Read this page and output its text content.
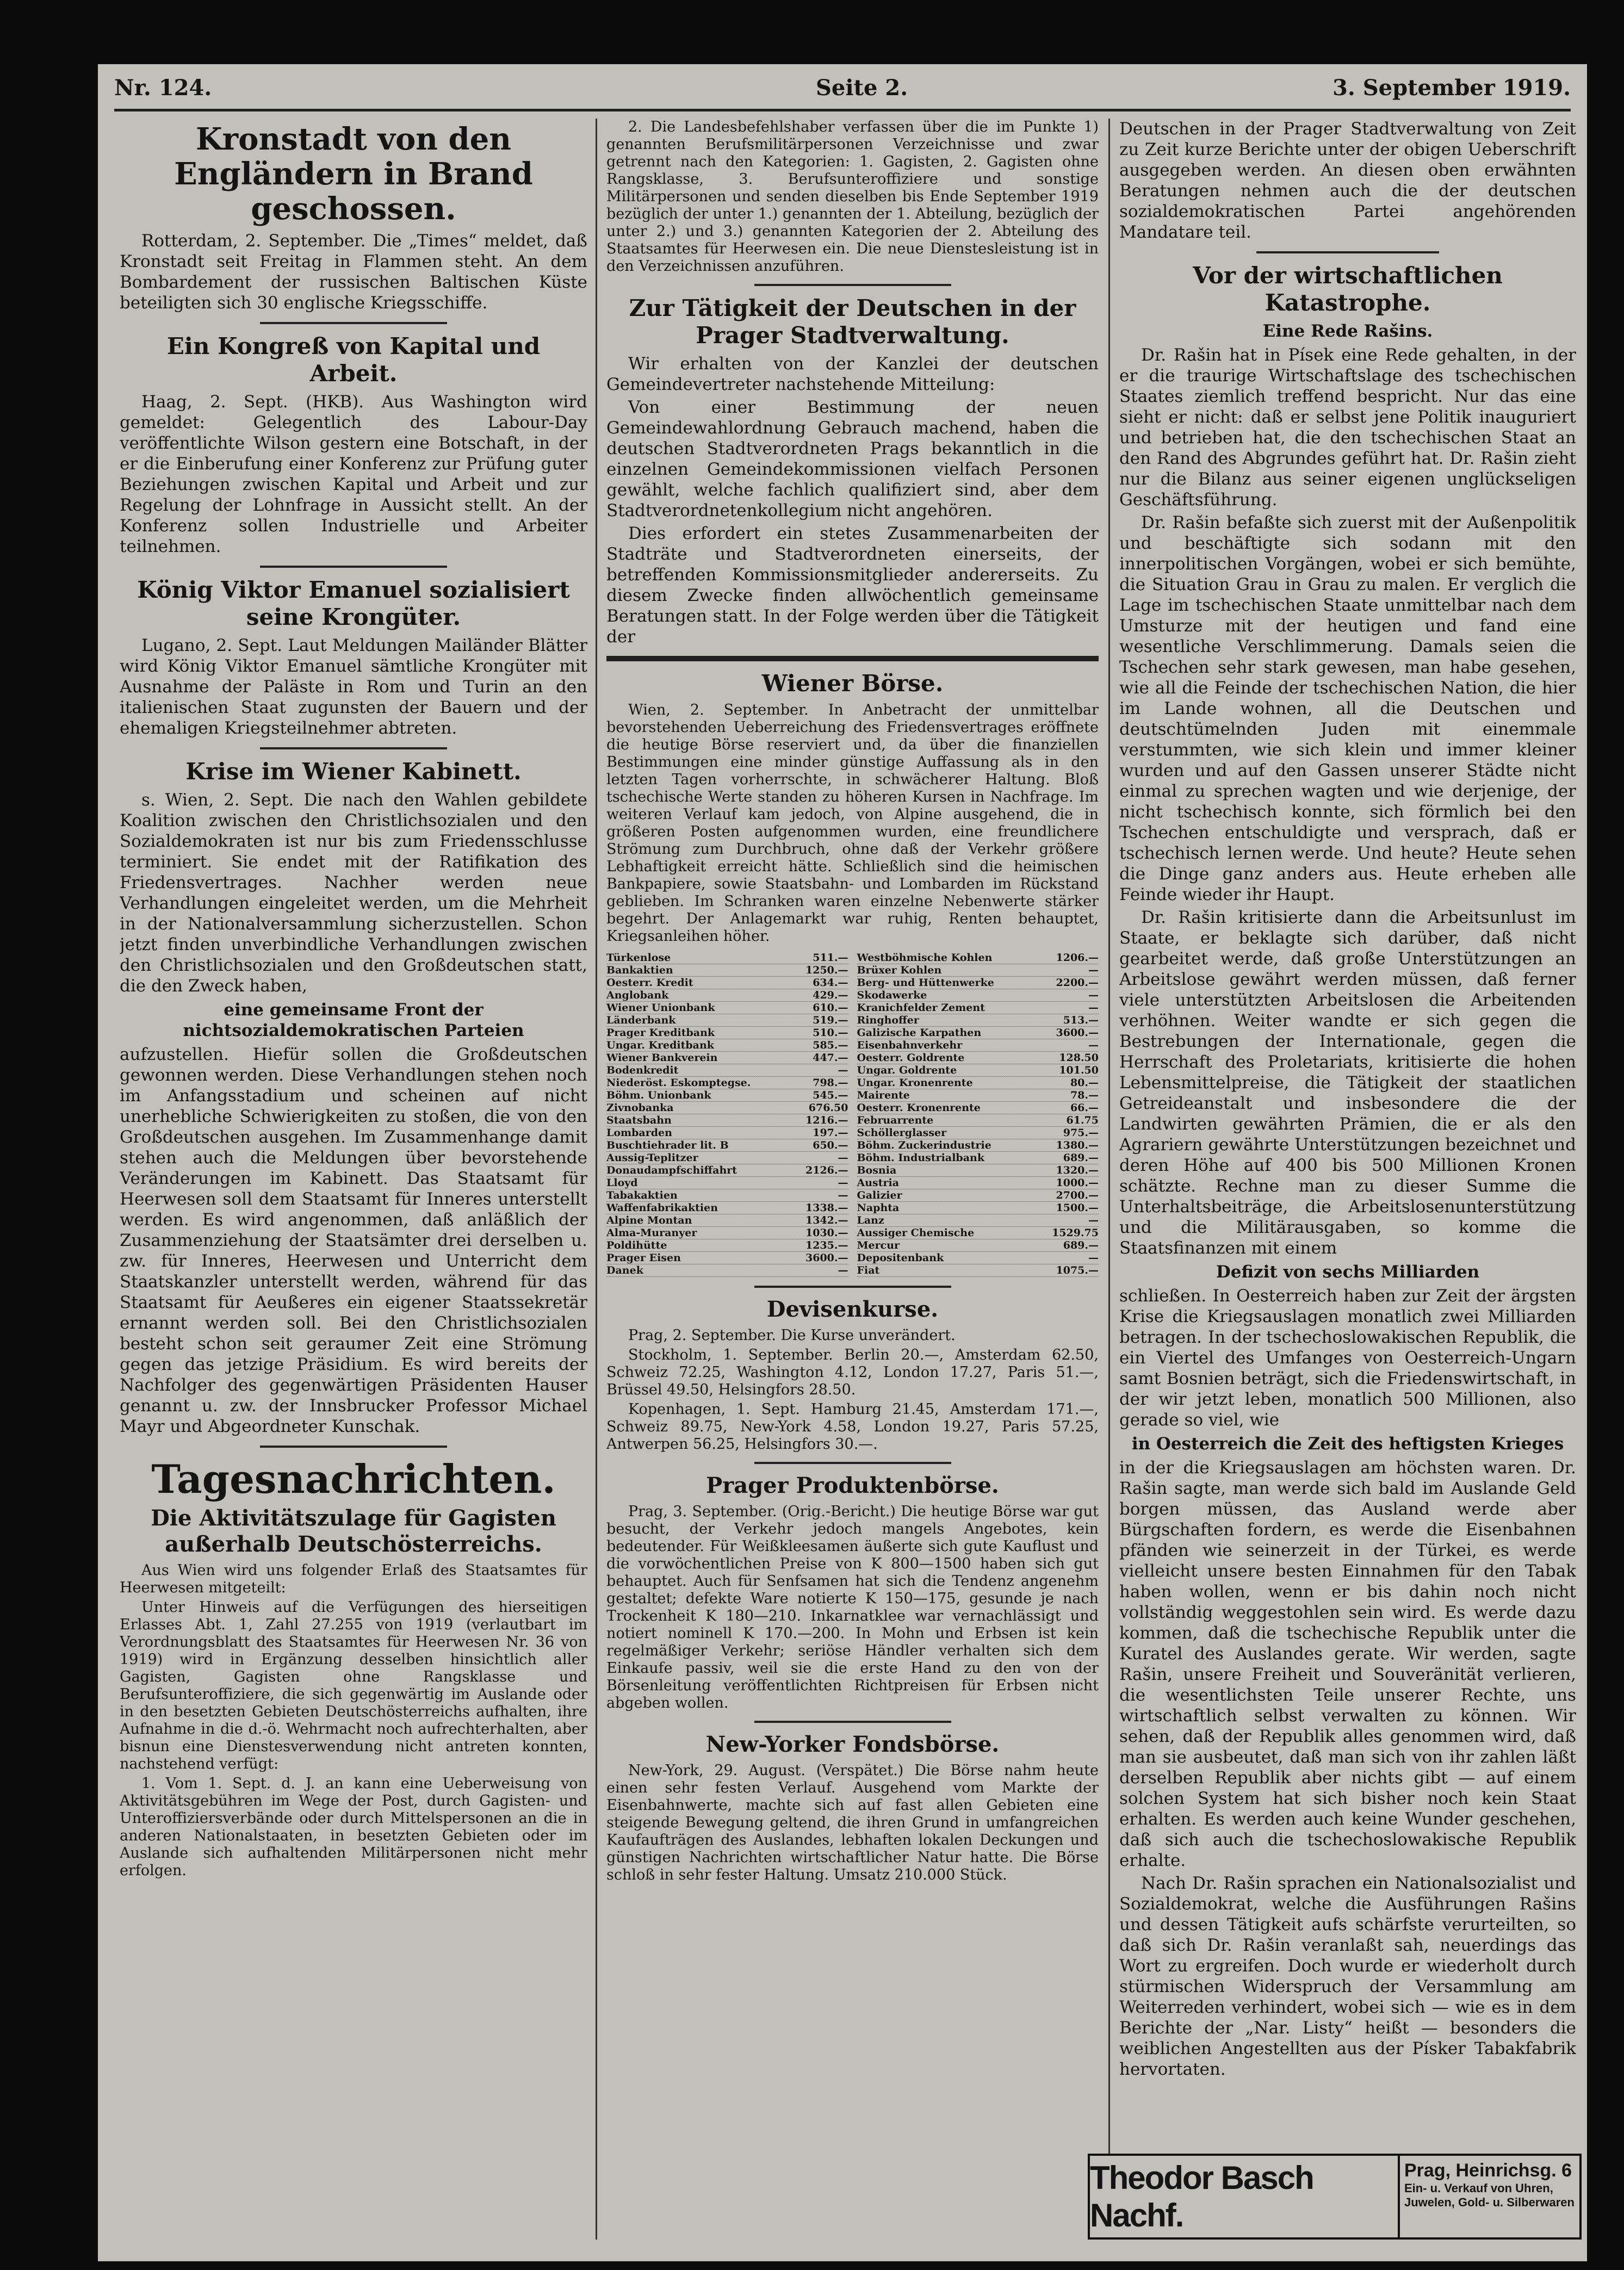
Nr. 124.	Seite 2.	3. September 1919.
Kronstadt von den Engländern in Brand geschossen.

Rotterdam, 2. September. Die „Times“ meldet, daß Kronstadt seit Freitag in Flammen steht. An dem Bombardement der russischen Baltischen Küste beteiligten sich 30 englische Kriegsschiffe.

Ein Kongreß von Kapital und Arbeit.

Haag, 2. Sept. (HKB). Aus Washington wird gemeldet: Gelegentlich des Labour-Day veröffentlichte Wilson gestern eine Botschaft, in der er die Einberufung einer Konferenz zur Prüfung guter Beziehungen zwischen Kapital und Arbeit und zur Regelung der Lohnfrage in Aussicht stellt. An der Konferenz sollen Industrielle und Arbeiter teilnehmen.

König Viktor Emanuel sozialisiert seine Krongüter.

Lugano, 2. Sept. Laut Meldungen Mailänder Blätter wird König Viktor Emanuel sämtliche Krongüter mit Ausnahme der Paläste in Rom und Turin an den italienischen Staat zugunsten der Bauern und der ehemaligen Kriegsteilnehmer abtreten.

Krise im Wiener Kabinett.

s. Wien, 2. Sept. Die nach den Wahlen gebildete Koalition zwischen den Christlichsozialen und den Sozialdemokraten ist nur bis zum Friedensschlusse terminiert. Sie endet mit der Ratifikation des Friedensvertrages. Nachher werden neue Verhandlungen eingeleitet werden, um die Mehrheit in der Nationalversammlung sicherzustellen. Schon jetzt finden unverbindliche Verhandlungen zwischen den Christlichsozialen und den Großdeutschen statt, die den Zweck haben,

eine gemeinsame Front der nichtsozialdemokratischen Parteien

aufzustellen. Hiefür sollen die Großdeutschen gewonnen werden. Diese Verhandlungen stehen noch im Anfangsstadium und scheinen auf nicht unerhebliche Schwierigkeiten zu stoßen, die von den Großdeutschen ausgehen. Im Zusammenhange damit stehen auch die Meldungen über bevorstehende Veränderungen im Kabinett. Das Staatsamt für Heerwesen soll dem Staatsamt für Inneres unterstellt werden. Es wird angenommen, daß anläßlich der Zusammenziehung der Staatsämter drei derselben u. zw. für Inneres, Heerwesen und Unterricht dem Staatskanzler unterstellt werden, während für das Staatsamt für Aeußeres ein eigener Staatssekretär ernannt werden soll. Bei den Christlichsozialen besteht schon seit geraumer Zeit eine Strömung gegen das jetzige Präsidium. Es wird bereits der Nachfolger des gegenwärtigen Präsidenten Hauser genannt u. zw. der Innsbrucker Professor Michael Mayr und Abgeordneter Kunschak.

Tagesnachrichten.
Die Aktivitätszulage für Gagisten außerhalb Deutschösterreichs.

Aus Wien wird uns folgender Erlaß des Staatsamtes für Heerwesen mitgeteilt:

Unter Hinweis auf die Verfügungen des hierseitigen Erlasses Abt. 1, Zahl 27.255 von 1919 (verlautbart im Verordnungsblatt des Staatsamtes für Heerwesen Nr. 36 von 1919) wird in Ergänzung desselben hinsichtlich aller Gagisten, Gagisten ohne Rangsklasse und Berufsunteroffiziere, die sich gegenwärtig im Auslande oder in den besetzten Gebieten Deutschösterreichs aufhalten, ihre Aufnahme in die d.-ö. Wehrmacht noch aufrechterhalten, aber bisnun eine Dienstesverwendung nicht antreten konnten, nachstehend verfügt:

1. Vom 1. Sept. d. J. an kann eine Ueberweisung von Aktivitätsgebühren im Wege der Post, durch Gagisten- und Unteroffiziersverbände oder durch Mittelspersonen an die in anderen Nationalstaaten, in besetzten Gebieten oder im Auslande sich aufhaltenden Militärpersonen nicht mehr erfolgen.

2. Die Landesbefehlshaber verfassen über die im Punkte 1) genannten Berufsmilitärpersonen Verzeichnisse und zwar getrennt nach den Kategorien: 1. Gagisten, 2. Gagisten ohne Rangsklasse, 3. Berufsunteroffiziere und sonstige Militärpersonen und senden dieselben bis Ende September 1919 bezüglich der unter 1.) genannten der 1. Abteilung, bezüglich der unter 2.) und 3.) genannten Kategorien der 2. Abteilung des Staatsamtes für Heerwesen ein. Die neue Dienstesleistung ist in den Verzeichnissen anzuführen.

Zur Tätigkeit der Deutschen in der Prager Stadtverwaltung.

Wir erhalten von der Kanzlei der deutschen Gemeindevertreter nachstehende Mitteilung:

Von einer Bestimmung der neuen Gemeindewahlordnung Gebrauch machend, haben die deutschen Stadtverordneten Prags bekanntlich in die einzelnen Gemeindekommissionen vielfach Personen gewählt, welche fachlich qualifiziert sind, aber dem Stadtverordnetenkollegium nicht angehören.

Dies erfordert ein stetes Zusammenarbeiten der Stadträte und Stadtverordneten einerseits, der betreffenden Kommissionsmitglieder andererseits. Zu diesem Zwecke finden allwöchentlich gemeinsame Beratungen statt. In der Folge werden über die Tätigkeit der

Wiener Börse.

Wien, 2. September. In Anbetracht der unmittelbar bevorstehenden Ueberreichung des Friedensvertrages eröffnete die heutige Börse reserviert und, da über die finanziellen Bestimmungen eine minder günstige Auffassung als in den letzten Tagen vorherrschte, in schwächerer Haltung. Bloß tschechische Werte standen zu höheren Kursen in Nachfrage. Im weiteren Verlauf kam jedoch, von Alpine ausgehend, die in größeren Posten aufgenommen wurden, eine freundlichere Strömung zum Durchbruch, ohne daß der Verkehr größere Lebhaftigkeit erreicht hätte. Schließlich sind die heimischen Bankpapiere, sowie Staatsbahn- und Lombarden im Rückstand geblieben. Im Schranken waren einzelne Nebenwerte stärker begehrt. Der Anlagemarkt war ruhig, Renten behauptet, Kriegsanleihen höher.

Türkenlose	511.—
Bankaktien	1250.—
Oesterr. Kredit	634.—
Anglobank	429.—
Wiener Unionbank	610.—
Länderbank	519.—
Prager Kreditbank	510.—
Ungar. Kreditbank	585.—
Wiener Bankverein	447.—
Bodenkredit	—
Niederöst. Eskomptegse.	798.—
Böhm. Unionbank	545.—
Zivnobanka	676.50
Staatsbahn	1216.—
Lombarden	197.—
Buschtiehrader lit. B	650.—
Aussig-Teplitzer	—
Donaudampfschiffahrt	2126.—
Lloyd	—
Tabakaktien	—
Waffenfabrikaktien	1338.—
Alpine Montan	1342.—
Alma-Muranyer	1030.—
Poldihütte	1235.—
Prager Eisen	3600.—
Danek	—
Westböhmische Kohlen	1206.—
Brüxer Kohlen	—
Berg- und Hüttenwerke	2200.—
Skodawerke	—
Kranichfelder Zement	—
Ringhoffer	513.—
Galizische Karpathen	3600.—
Eisenbahnverkehr	—
Oesterr. Goldrente	128.50
Ungar. Goldrente	101.50
Ungar. Kronenrente	80.—
Mairente	78.—
Oesterr. Kronenrente	66.—
Februarrente	61.75
Schöllerglasser	975.—
Böhm. Zuckerindustrie	1380.—
Böhm. Industrialbank	689.—
Bosnia	1320.—
Austria	1000.—
Galizier	2700.—
Naphta	1500.—
Lanz	—
Aussiger Chemische	1529.75
Mercur	689.—
Depositenbank	—
Fiat	1075.—
Devisenkurse.

Prag, 2. September. Die Kurse unverändert.

Stockholm, 1. September. Berlin 20.—, Amsterdam 62.50, Schweiz 72.25, Washington 4.12, London 17.27, Paris 51.—, Brüssel 49.50, Helsingfors 28.50.

Kopenhagen, 1. Sept. Hamburg 21.45, Amsterdam 171.—, Schweiz 89.75, New-York 4.58, London 19.27, Paris 57.25, Antwerpen 56.25, Helsingfors 30.—.

Prager Produktenbörse.

Prag, 3. September. (Orig.-Bericht.) Die heutige Börse war gut besucht, der Verkehr jedoch mangels Angebotes, kein bedeutender. Für Weißkleesamen äußerte sich gute Kauflust und die vorwöchentlichen Preise von K 800—1500 haben sich gut behauptet. Auch für Senfsamen hat sich die Tendenz angenehm gestaltet; defekte Ware notierte K 150—175, gesunde je nach Trockenheit K 180—210. Inkarnatklee war vernachlässigt und notiert nominell K 170.—200. In Mohn und Erbsen ist kein regelmäßiger Verkehr; seriöse Händler verhalten sich dem Einkaufe passiv, weil sie die erste Hand zu den von der Börsenleitung veröffentlichten Richtpreisen für Erbsen nicht abgeben wollen.

New-Yorker Fondsbörse.

New-York, 29. August. (Verspätet.) Die Börse nahm heute einen sehr festen Verlauf. Ausgehend vom Markte der Eisenbahnwerte, machte sich auf fast allen Gebieten eine steigende Bewegung geltend, die ihren Grund in umfangreichen Kaufaufträgen des Auslandes, lebhaften lokalen Deckungen und günstigen Nachrichten wirtschaftlicher Natur hatte. Die Börse schloß in sehr fester Haltung. Umsatz 210.000 Stück.

Deutschen in der Prager Stadtverwaltung von Zeit zu Zeit kurze Berichte unter der obigen Ueberschrift ausgegeben werden. An diesen oben erwähnten Beratungen nehmen auch die der deutschen sozialdemokratischen Partei angehörenden Mandatare teil.

Vor der wirtschaftlichen Katastrophe.
Eine Rede Rašins.

Dr. Rašin hat in Písek eine Rede gehalten, in der er die traurige Wirtschaftslage des tschechischen Staates ziemlich treffend bespricht. Nur das eine sieht er nicht: daß er selbst jene Politik inauguriert und betrieben hat, die den tschechischen Staat an den Rand des Abgrundes geführt hat. Dr. Rašin zieht nur die Bilanz aus seiner eigenen unglückseligen Geschäftsführung.

Dr. Rašin befaßte sich zuerst mit der Außenpolitik und beschäftigte sich sodann mit den innerpolitischen Vorgängen, wobei er sich bemühte, die Situation Grau in Grau zu malen. Er verglich die Lage im tschechischen Staate unmittelbar nach dem Umsturze mit der heutigen und fand eine wesentliche Verschlimmerung. Damals seien die Tschechen sehr stark gewesen, man habe gesehen, wie all die Feinde der tschechischen Nation, die hier im Lande wohnen, all die Deutschen und deutschtümelnden Juden mit einemmale verstummten, wie sich klein und immer kleiner wurden und auf den Gassen unserer Städte nicht einmal zu sprechen wagten und wie derjenige, der nicht tschechisch konnte, sich förmlich bei den Tschechen entschuldigte und versprach, daß er tschechisch lernen werde. Und heute? Heute sehen die Dinge ganz anders aus. Heute erheben alle Feinde wieder ihr Haupt.

Dr. Rašin kritisierte dann die Arbeitsunlust im Staate, er beklagte sich darüber, daß nicht gearbeitet werde, daß große Unterstützungen an Arbeitslose gewährt werden müssen, daß ferner viele unterstützten Arbeitslosen die Arbeitenden verhöhnen. Weiter wandte er sich gegen die Bestrebungen der Internationale, gegen die Herrschaft des Proletariats, kritisierte die hohen Lebensmittelpreise, die Tätigkeit der staatlichen Getreideanstalt und insbesondere die der Landwirten gewährten Prämien, die er als den Agrariern gewährte Unterstützungen bezeichnet und deren Höhe auf 400 bis 500 Millionen Kronen schätzte. Rechne man zu dieser Summe die Unterhaltsbeiträge, die Arbeitslosenunterstützung und die Militärausgaben, so komme die Staatsfinanzen mit einem

Defizit von sechs Milliarden

schließen. In Oesterreich haben zur Zeit der ärgsten Krise die Kriegsauslagen monatlich zwei Milliarden betragen. In der tschechoslowakischen Republik, die ein Viertel des Umfanges von Oesterreich-Ungarn samt Bosnien beträgt, sich die Friedenswirtschaft, in der wir jetzt leben, monatlich 500 Millionen, also gerade so viel, wie

in Oesterreich die Zeit des heftigsten Krieges

in der die Kriegsauslagen am höchsten waren. Dr. Rašin sagte, man werde sich bald im Auslande Geld borgen müssen, das Ausland werde aber Bürgschaften fordern, es werde die Eisenbahnen pfänden wie seinerzeit in der Türkei, es werde vielleicht unsere besten Einnahmen für den Tabak haben wollen, wenn er bis dahin noch nicht vollständig weggestohlen sein wird. Es werde dazu kommen, daß die tschechische Republik unter die Kuratel des Auslandes gerate. Wir werden, sagte Rašin, unsere Freiheit und Souveränität verlieren, die wesentlichsten Teile unserer Rechte, uns wirtschaftlich selbst verwalten zu können. Wir sehen, daß der Republik alles genommen wird, daß man sie ausbeutet, daß man sich von ihr zahlen läßt derselben Republik aber nichts gibt — auf einem solchen System hat sich bisher noch kein Staat erhalten. Es werden auch keine Wunder geschehen, daß sich auch die tschechoslowakische Republik erhalte.

Nach Dr. Rašin sprachen ein Nationalsozialist und Sozialdemokrat, welche die Ausführungen Rašins und dessen Tätigkeit aufs schärfste verurteilten, so daß sich Dr. Rašin veranlaßt sah, neuerdings das Wort zu ergreifen. Doch wurde er wiederholt durch stürmischen Widerspruch der Versammlung am Weiterreden verhindert, wobei sich — wie es in dem Berichte der „Nar. Listy“ heißt — besonders die weiblichen Angestellten aus der Písker Tabakfabrik hervortaten.

Theodor Basch Nachf.
Prag, Heinrichsg. 6
Ein- u. Verkauf von Uhren,
Juwelen, Gold- u. Silberwaren
